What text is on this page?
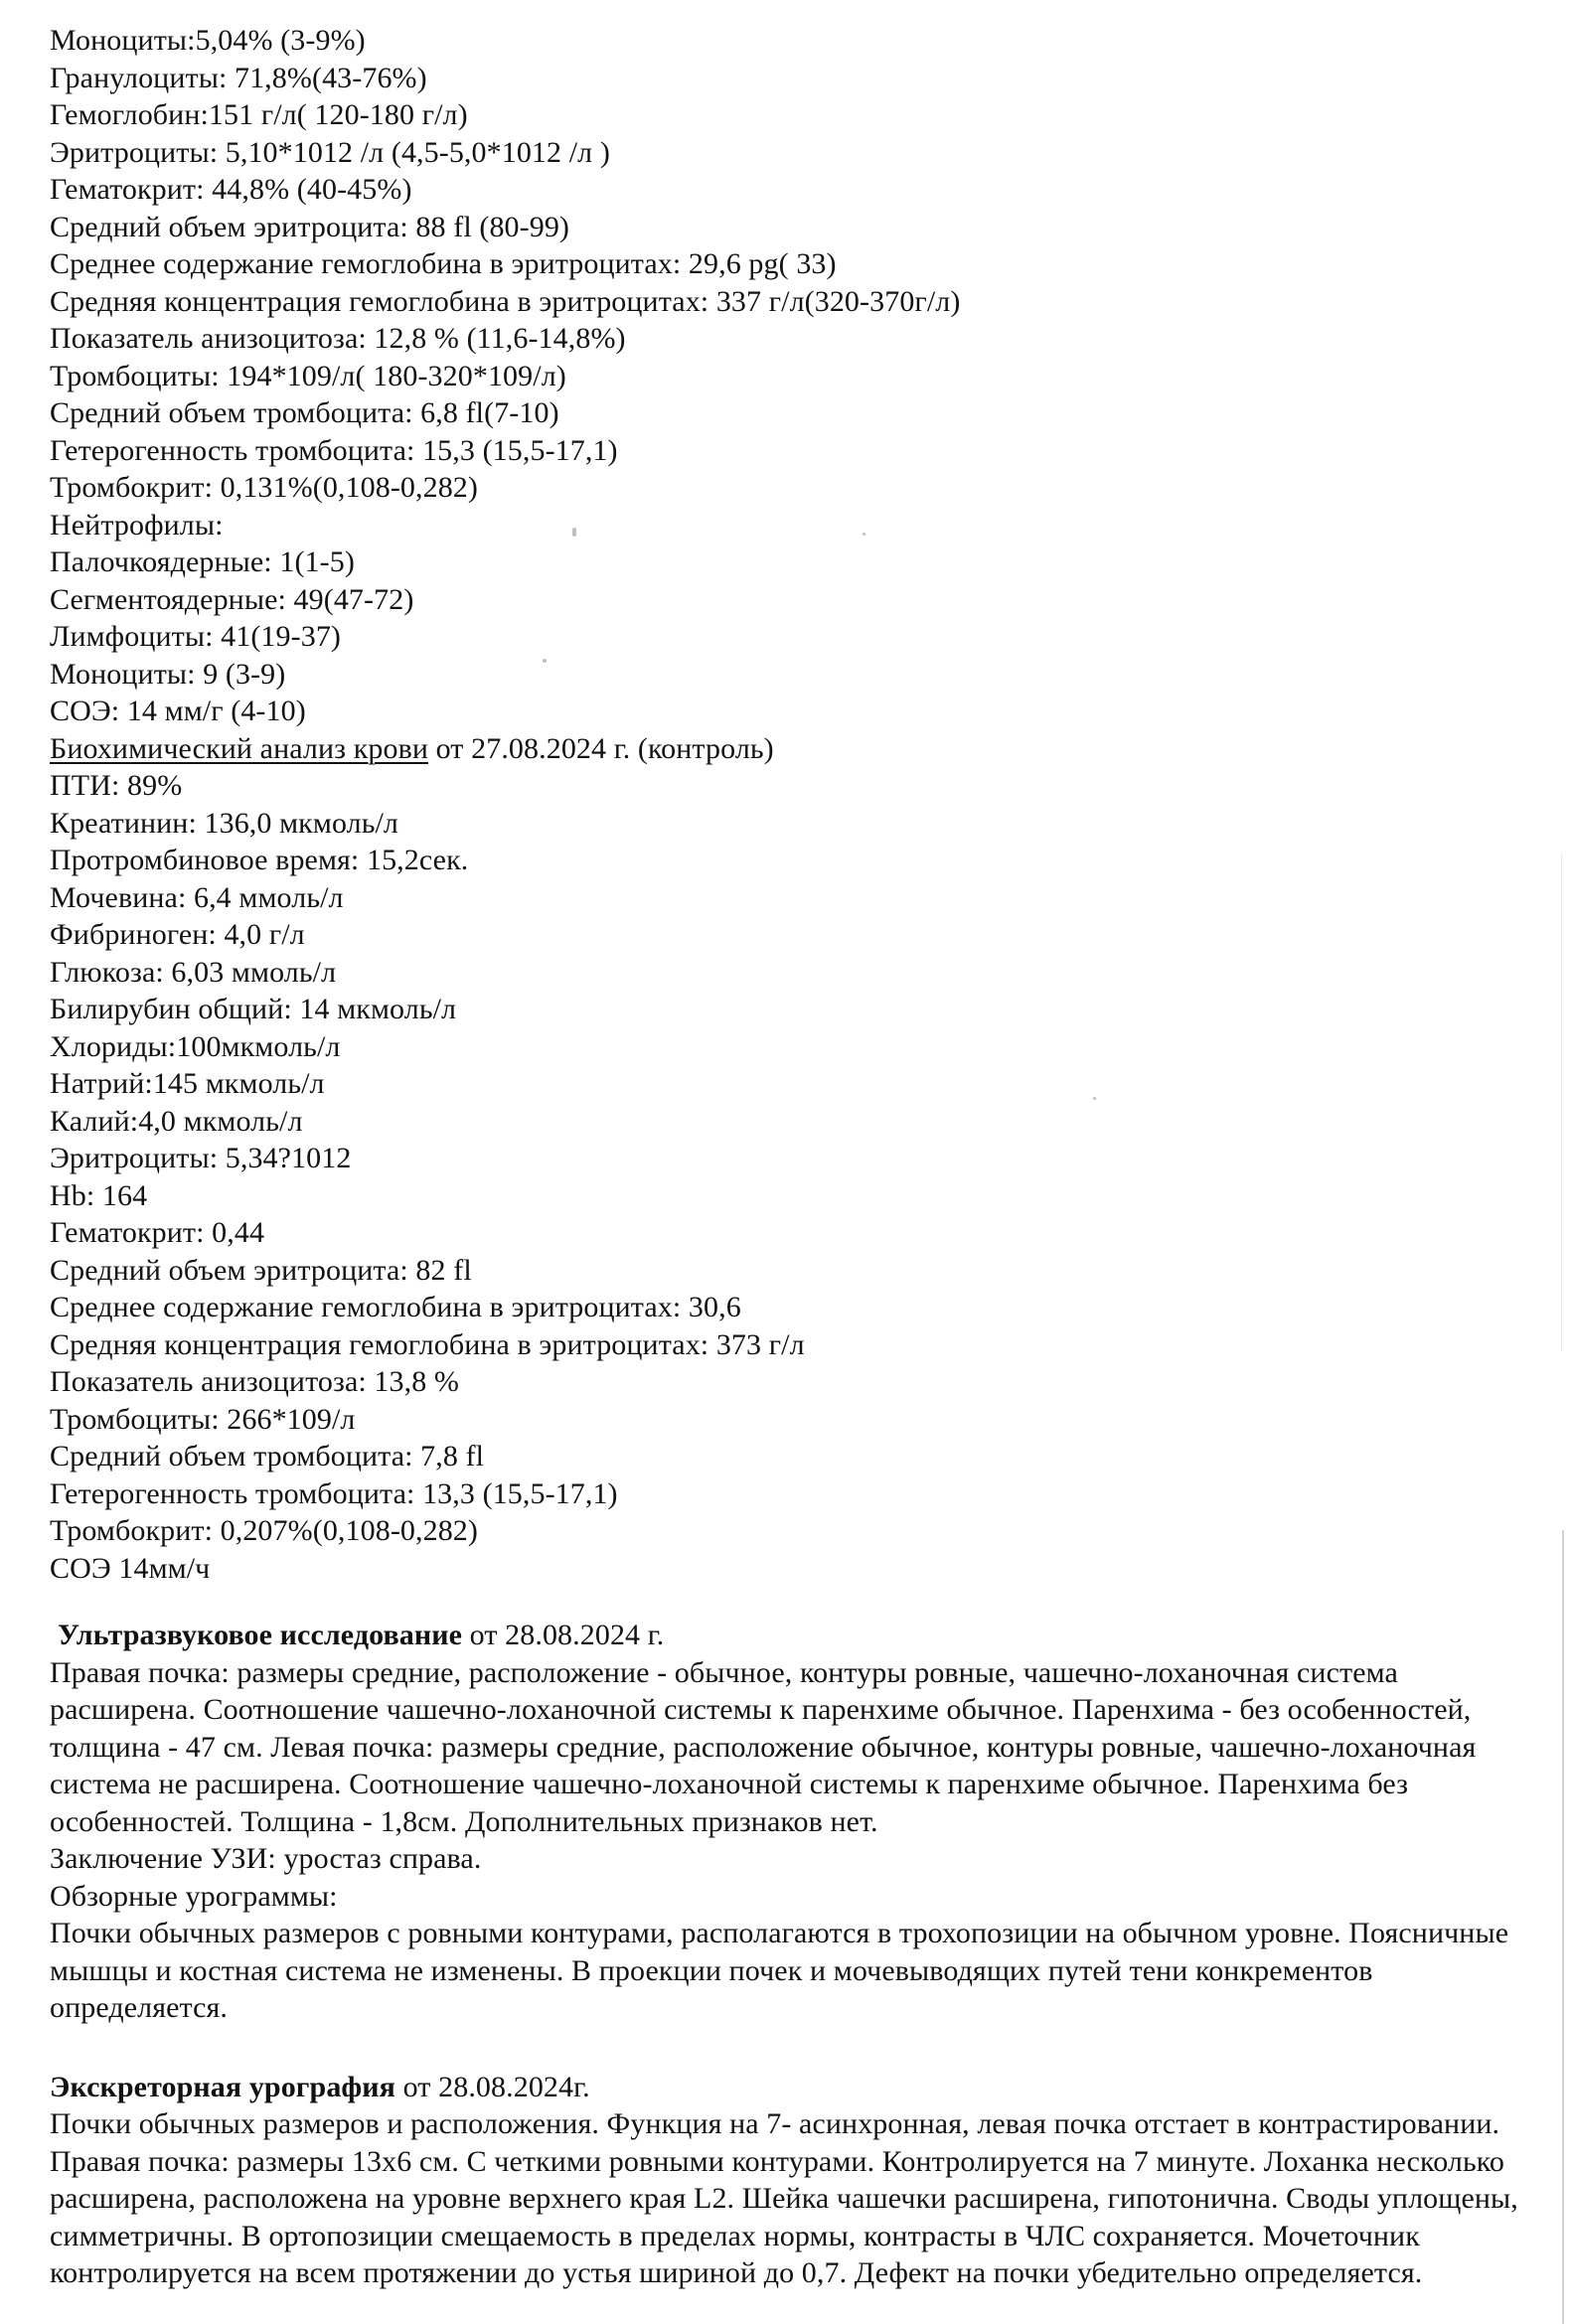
Моноциты:5,04% (3-9%)
Гранулоциты: 71,8%(43-76%)
Гемоглобин:151 г/л( 120-180 г/л)
Эритроциты: 5,10*1012 /л (4,5-5,0*1012 /л )
Гематокрит: 44,8% (40-45%)
Средний объем эритроцита: 88 fl (80-99)
Среднее содержание гемоглобина в эритроцитах: 29,6 pg( 33)
Средняя концентрация гемоглобина в эритроцитах: 337 г/л(320-370г/л)
Показатель анизоцитоза: 12,8 % (11,6-14,8%)
Тромбоциты: 194*109/л( 180-320*109/л)
Средний объем тромбоцита: 6,8 fl(7-10)
Гетерогенность тромбоцита: 15,3 (15,5-17,1)
Тромбокрит: 0,131%(0,108-0,282)
Нейтрофилы:
Палочкоядерные: 1(1-5)
Сегментоядерные: 49(47-72)
Лимфоциты: 41(19-37)
Моноциты: 9 (3-9)
СОЭ: 14 мм/г (4-10)
Биохимический анализ крови от 27.08.2024 г. (контроль)
ПТИ: 89%
Креатинин: 136,0 мкмоль/л
Протромбиновое время: 15,2сек.
Мочевина: 6,4 ммоль/л
Фибриноген: 4,0 г/л
Глюкоза: 6,03 ммоль/л
Билирубин общий: 14 мкмоль/л
Хлориды:100мкмоль/л
Натрий:145 мкмоль/л
Калий:4,0 мкмоль/л
Эритроциты: 5,34?1012
Hb: 164
Гематокрит: 0,44
Средний объем эритроцита: 82 fl
Среднее содержание гемоглобина в эритроцитах: 30,6
Средняя концентрация гемоглобина в эритроцитах: 373 г/л
Показатель анизоцитоза: 13,8 %
Тромбоциты: 266*109/л
Средний объем тромбоцита: 7,8 fl
Гетерогенность тромбоцита: 13,3 (15,5-17,1)
Тромбокрит: 0,207%(0,108-0,282)
СОЭ 14мм/ч
Ультразвуковое исследование от 28.08.2024 г.
Правая почка: размеры средние, расположение - обычное, контуры ровные, чашечно-лоханочная система расширена. Соотношение чашечно-лоханочной системы к паренхиме обычное. Паренхима - без особенностей, толщина - 47 см. Левая почка: размеры средние, расположение обычное, контуры ровные, чашечно-лоханочная система не расширена. Соотношение чашечно-лоханочной системы к паренхиме обычное. Паренхима без особенностей. Толщина - 1,8см. Дополнительных признаков нет.
Заключение УЗИ: уростаз справа.
Обзорные урограммы:
Почки обычных размеров с ровными контурами, располагаются в трохопозиции на обычном уровне. Поясничные мышцы и костная система не изменены. В проекции почек и мочевыводящих путей тени конкрементов определяется.
Экскреторная урография от 28.08.2024г.
Почки обычных размеров и расположения. Функция на 7- асинхронная, левая почка отстает в контрастировании.
Правая почка: размеры 13х6 см. С четкими ровными контурами. Контролируется на 7 минуте. Лоханка несколько расширена, расположена на уровне верхнего края L2. Шейка чашечки расширена, гипотонична. Своды уплощены, симметричны. В ортопозиции смещаемость в пределах нормы, контрасты в ЧЛС сохраняется. Мочеточник контролируется на всем протяжении до устья шириной до 0,7. Дефект на почки убедительно определяется.
